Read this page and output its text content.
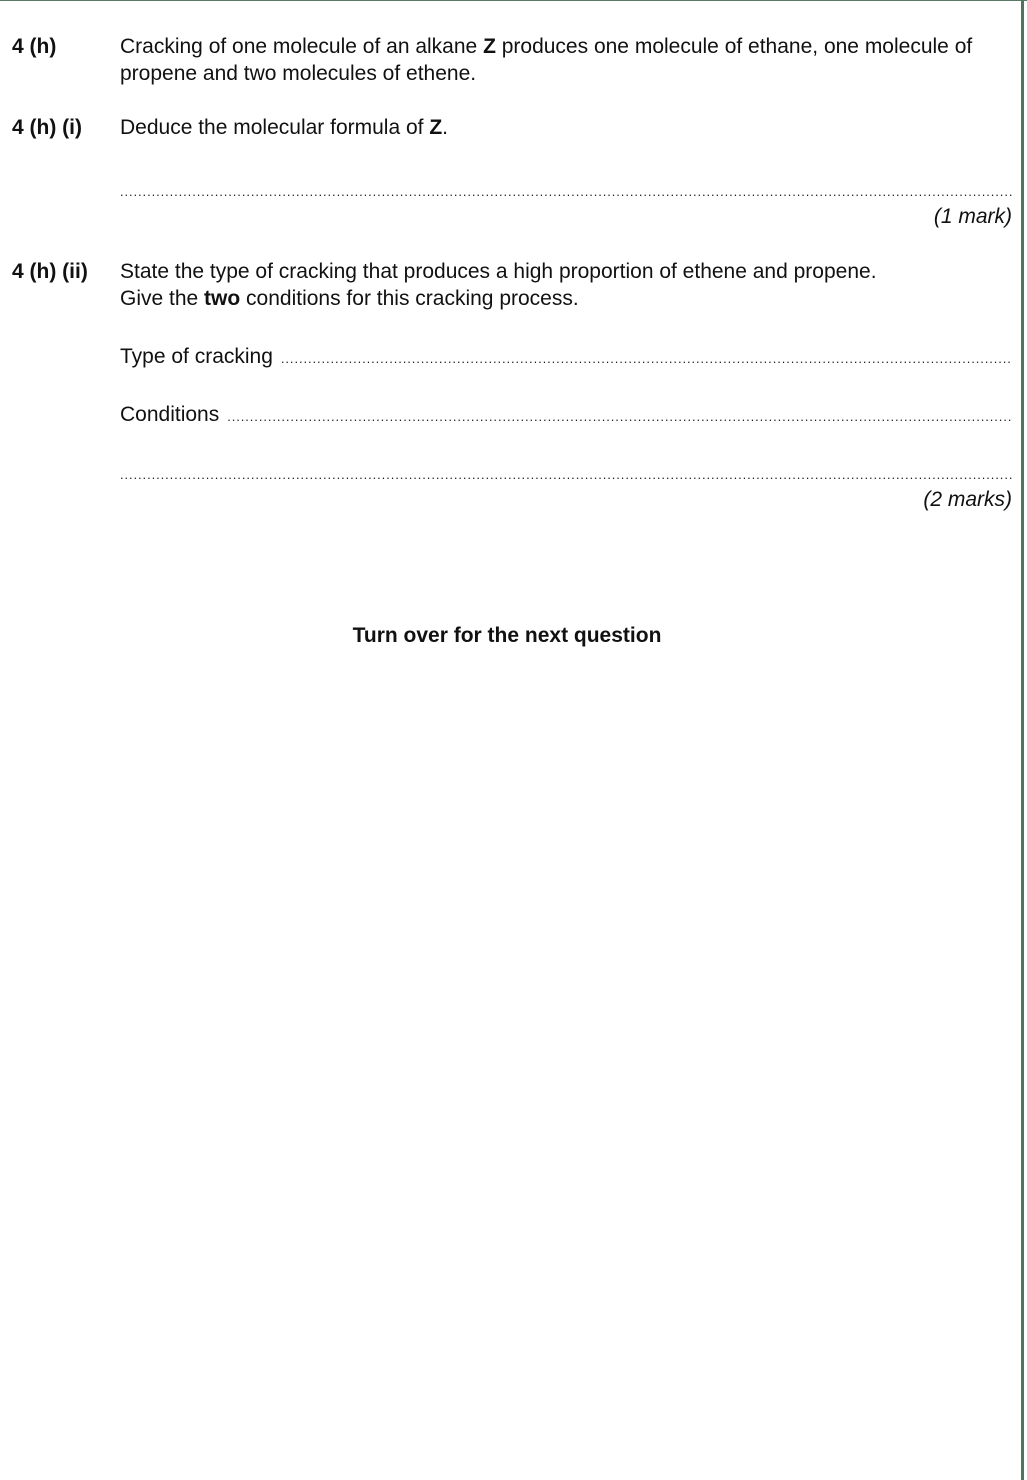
4 (h)	Cracking of one molecule of an alkane Z produces one molecule of ethane, one molecule of propene and two molecules of ethene.
4 (h) (i) Deduce the molecular formula of Z.
.....
(1 mark)
4 (h) (ii) State the type of cracking that produces a high proportion of ethene and propene.
Give the two conditions for this cracking process.
Type of cracking
.....
Conditions
.....
.....
(2 marks)
Turn over for the next question
